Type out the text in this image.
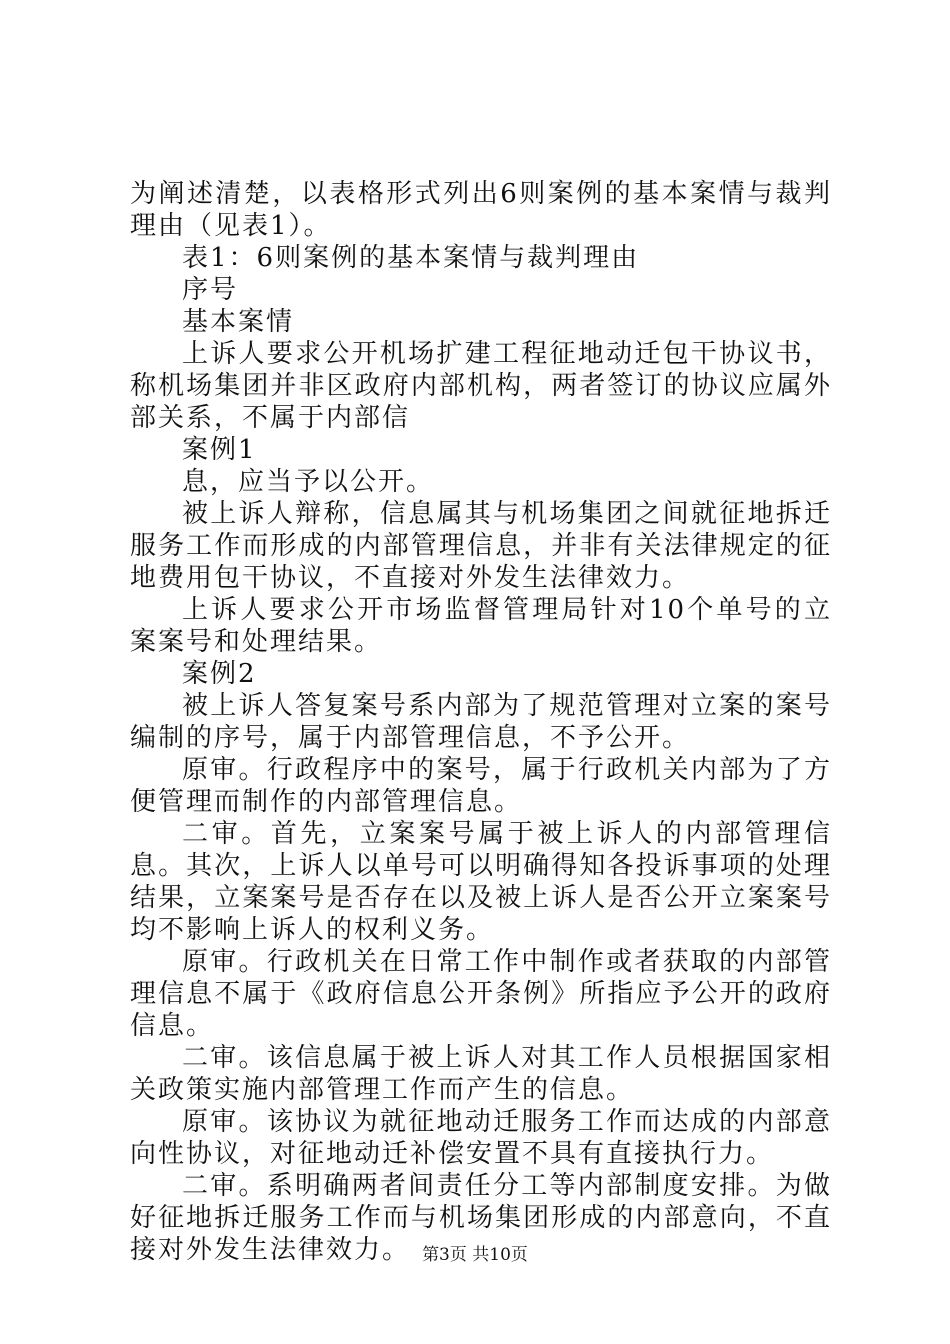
为阐述清楚，以表格形式列出6则案例的基本案情与裁判理由（见表1）。

表1：6则案例的基本案情与裁判理由

序号

基本案情

上诉人要求公开机场扩建工程征地动迁包干协议书，称机场集团并非区政府内部机构，两者签订的协议应属外部关系，不属于内部信

案例1

息，应当予以公开。

被上诉人辩称，信息属其与机场集团之间就征地拆迁服务工作而形成的内部管理信息，并非有关法律规定的征地费用包干协议，不直接对外发生法律效力。

上诉人要求公开市场监督管理局针对10个单号的立案案号和处理结果。

案例2

被上诉人答复案号系内部为了规范管理对立案的案号编制的序号，属于内部管理信息，不予公开。

原审。行政程序中的案号，属于行政机关内部为了方便管理而制作的内部管理信息。

二审。首先，立案案号属于被上诉人的内部管理信息。其次，上诉人以单号可以明确得知各投诉事项的处理结果，立案案号是否存在以及被上诉人是否公开立案案号均不影响上诉人的权利义务。

原审。行政机关在日常工作中制作或者获取的内部管理信息不属于《政府信息公开条例》所指应予公开的政府信息。

二审。该信息属于被上诉人对其工作人员根据国家相关政策实施内部管理工作而产生的信息。

原审。该协议为就征地动迁服务工作而达成的内部意向性协议，对征地动迁补偿安置不具有直接执行力。

二审。系明确两者间责任分工等内部制度安排。为做好征地拆迁服务工作而与机场集团形成的内部意向，不直接对外发生法律效力。 第3页 共10页
